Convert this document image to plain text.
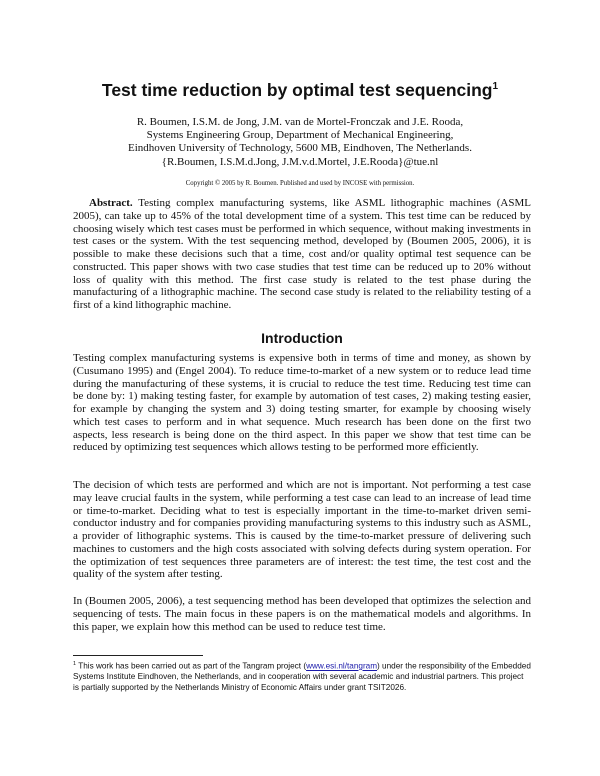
Test time reduction by optimal test sequencing$^1$
R. Boumen, I.S.M. de Jong, J.M. van de Mortel-Fronczak and J.E. Rooda,
Systems Engineering Group, Department of Mechanical Engineering,
Eindhoven University of Technology, 5600 MB, Eindhoven, The Netherlands.
{R.Boumen, I.S.M.d.Jong, J.M.v.d.Mortel, J.E.Rooda}@tue.nl
Copyright © 2005 by R. Boumen. Published and used by INCOSE with permission.

Abstract. Testing complex manufacturing systems, like ASML lithographic machines (ASML 2005), can take up to 45% of the total development time of a system. This test time can be reduced by choosing wisely which test cases must be performed in which sequence, without making investments in test cases or the system. With the test sequencing method, developed by (Boumen 2005, 2006), it is possible to make these decisions such that a time, cost and/or quality optimal test sequence can be constructed. This paper shows with two case studies that test time can be reduced up to 20% without loss of quality with this method. The first case study is related to the test phase during the manufacturing of a lithographic machine. The second case study is related to the reliability testing of a first of a kind lithographic machine.

Introduction

Testing complex manufacturing systems is expensive both in terms of time and money, as shown by (Cusumano 1995) and (Engel 2004). To reduce time-to-market of a new system or to reduce lead time during the manufacturing of these systems, it is crucial to reduce the test time. Reducing test time can be done by: 1) making testing faster, for example by automation of test cases, 2) making testing easier, for example by changing the system and 3) doing testing smarter, for example by choosing wisely which test cases to perform and in what sequence. Much research has been done on the first two aspects, less research is being done on the third aspect. In this paper we show that test time can be reduced by optimizing test sequences which allows testing to be performed more efficiently.

The decision of which tests are performed and which are not is important. Not performing a test case may leave crucial faults in the system, while performing a test case can lead to an increase of lead time or time-to-market. Deciding what to test is especially important in the time-to-market driven semi-conductor industry and for companies providing manufacturing systems to this industry such as ASML, a provider of lithographic systems. This is caused by the time-to-market pressure of delivering such machines to customers and the high costs associated with solving defects during system operation. For the optimization of test sequences three parameters are of interest: the test time, the test cost and the quality of the system after testing.

In (Boumen 2005, 2006), a test sequencing method has been developed that optimizes the selection and sequencing of tests. The main focus in these papers is on the mathematical models and algorithms. In this paper, we explain how this method can be used to reduce test time.

$^1$ This work has been carried out as part of the Tangram project (www.esi.nl/tangram) under the responsibility of the Embedded Systems Institute Eindhoven, the Netherlands, and in cooperation with several academic and industrial partners. This project is partially supported by the Netherlands Ministry of Economic Affairs under grant TSIT2026.
